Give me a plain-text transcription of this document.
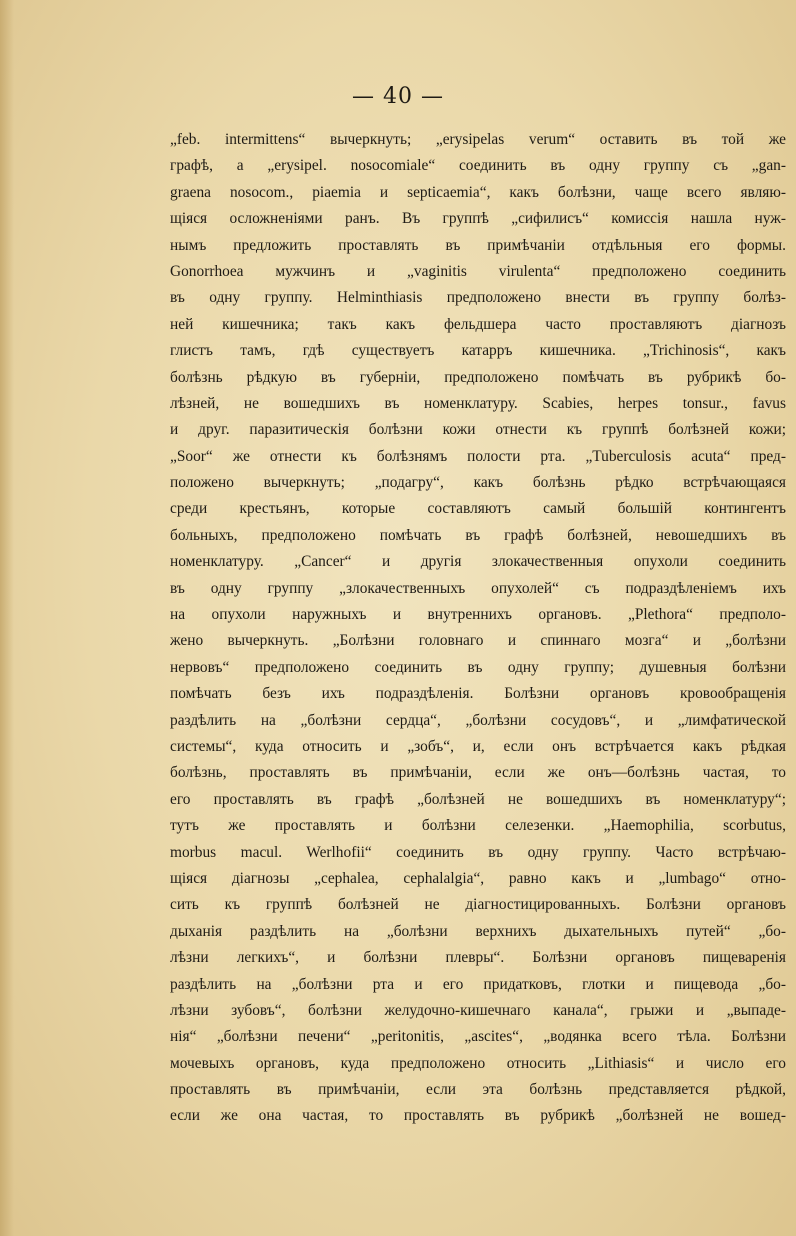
— 40 —
„feb. intermittens“ вычеркнуть; „erysipelas verum“ оставить въ той же
графѣ, а „erysipel. nosocomiale“ соединить въ одну группу съ „gan-
graena nosocom., piaemia и septicaemia“, какъ болѣзни, чаще всего являю-
щіяся осложненіями ранъ. Въ группѣ „сифилисъ“ комиссія нашла нуж-
нымъ предложить проставлять въ примѣчаніи отдѣльныя его формы.
Gonorrhoea мужчинъ и „vaginitis virulenta“ предположено соединить
въ одну группу. Helminthiasis предположено внести въ группу болѣз-
ней кишечника; такъ какъ фельдшера часто проставляютъ діагнозъ
глистъ тамъ, гдѣ существуетъ катарръ кишечника. „Trichinosis“, какъ
болѣзнь рѣдкую въ губерніи, предположено помѣчать въ рубрикѣ бо-
лѣзней, не вошедшихъ въ номенклатуру. Scabies, herpes tonsur., favus
и друг. паразитическія болѣзни кожи отнести къ группѣ болѣзней кожи;
„Soor“ же отнести къ болѣзнямъ полости рта. „Tuberculosis acuta“ пред-
положено вычеркнуть; „подагру“, какъ болѣзнь рѣдко встрѣчающаяся
среди крестьянъ, которые составляютъ самый большій контингентъ
больныхъ, предположено помѣчать въ графѣ болѣзней, невошедшихъ въ
номенклатуру. „Cancer“ и другія злокачественныя опухоли соединить
въ одну группу „злокачественныхъ опухолей“ съ подраздѣленіемъ ихъ
на опухоли наружныхъ и внутреннихъ органовъ. „Plethora“ предполо-
жено вычеркнуть. „Болѣзни головнаго и спиннаго мозга“ и „болѣзни
нервовъ“ предположено соединить въ одну группу; душевныя болѣзни
помѣчать безъ ихъ подраздѣленія. Болѣзни органовъ кровообращенія
раздѣлить на „болѣзни сердца“, „болѣзни сосудовъ“, и „лимфатической
системы“, куда относить и „зобъ“, и, если онъ встрѣчается какъ рѣдкая
болѣзнь, проставлять въ примѣчаніи, если же онъ—болѣзнь частая, то
его проставлять въ графѣ „болѣзней не вошедшихъ въ номенклатуру“;
тутъ же проставлять и болѣзни селезенки. „Haemophilia, scorbutus,
morbus macul. Werlhofii“ соединить въ одну группу. Часто встрѣчаю-
щіяся діагнозы „cephalea, cephalalgia“, равно какъ и „lumbago“ отно-
сить къ группѣ болѣзней не діагностицированныхъ. Болѣзни органовъ
дыханія раздѣлить на „болѣзни верхнихъ дыхательныхъ путей“ „бо-
лѣзни легкихъ“, и болѣзни плевры“. Болѣзни органовъ пищеваренія
раздѣлить на „болѣзни рта и его придатковъ, глотки и пищевода „бо-
лѣзни зубовъ“, болѣзни желудочно-кишечнаго канала“, грыжи и „выпаде-
нія“ „болѣзни печени“ „peritonitis, „ascites“, „водянка всего тѣла. Болѣзни
мочевыхъ органовъ, куда предположено относить „Lithiasis“ и число его
проставлять въ примѣчаніи, если эта болѣзнь представляется рѣдкой,
если же она частая, то проставлять въ рубрикѣ „болѣзней не вошед-
